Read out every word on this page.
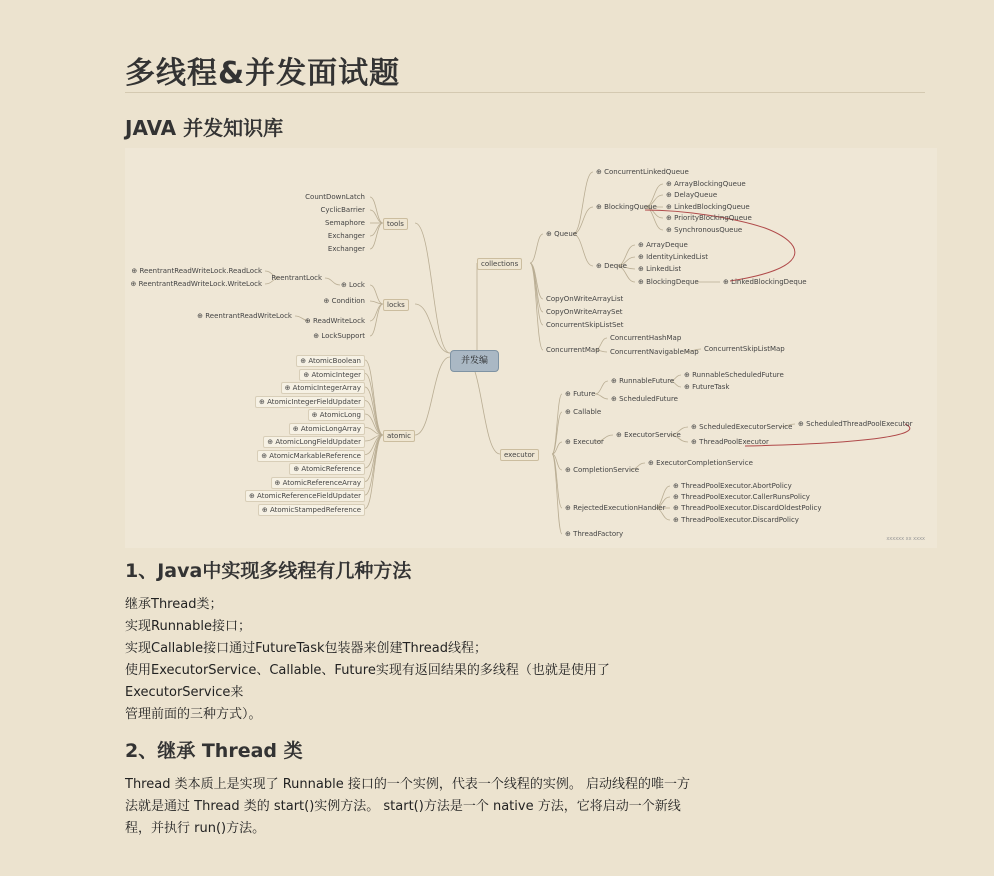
多线程&并发面试题
JAVA 并发知识库
xxxxxx xx xxxx
并发编
tools
CountDownLatch
CyclicBarrier
Semaphore
Exchanger
Exchanger
locks
⊕ Lock
⊕ Condition
⊕ ReadWriteLock
⊕ LockSupport
ReentrantLock
⊕ ReentrantReadWriteLock.ReadLock
⊕ ReentrantReadWriteLock.WriteLock
⊕ ReentrantReadWriteLock
atomic
⊕ AtomicBoolean
⊕ AtomicInteger
⊕ AtomicIntegerArray
⊕ AtomicIntegerFieldUpdater
⊕ AtomicLong
⊕ AtomicLongArray
⊕ AtomicLongFieldUpdater
⊕ AtomicMarkableReference
⊕ AtomicReference
⊕ AtomicReferenceArray
⊕ AtomicReferenceFieldUpdater
⊕ AtomicStampedReference
collections
⊕ Queue
⊕ ConcurrentLinkedQueue
⊕ BlockingQueue
⊕ ArrayBlockingQueue
⊕ DelayQueue
⊕ LinkedBlockingQueue
⊕ PriorityBlockingQueue
⊕ SynchronousQueue
⊕ Deque
⊕ ArrayDeque
⊕ IdentityLinkedList
⊕ LinkedList
⊕ BlockingDeque	⊕ LinkedBlockingDeque
CopyOnWriteArrayList
CopyOnWriteArraySet
ConcurrentSkipListSet
ConcurrentMap
ConcurrentHashMap
ConcurrentNavigableMap ConcurrentSkipListMap
executor
⊕ Future
⊕ Callable
⊕ Executor
⊕ CompletionService
⊕ RejectedExecutionHandler
⊕ ThreadFactory
⊕ RunnableFuture
⊕ ScheduledFuture
⊕ RunnableScheduledFuture
⊕ FutureTask
⊕ ExecutorService
⊕ ScheduledExecutorService
⊕ ThreadPoolExecutor
⊕ ScheduledThreadPoolExecutor
⊕ ExecutorCompletionService
⊕ ThreadPoolExecutor.AbortPolicy
⊕ ThreadPoolExecutor.CallerRunsPolicy
⊕ ThreadPoolExecutor.DiscardOldestPolicy
⊕ ThreadPoolExecutor.DiscardPolicy
1、Java中实现多线程有几种方法
继承Thread类；
实现Runnable接口；
实现Callable接口通过FutureTask包装器来创建Thread线程；
使用ExecutorService、Callable、Future实现有返回结果的多线程（也就是使用了ExecutorService来
管理前面的三种方式）。
2、继承 Thread 类
Thread 类本质上是实现了 Runnable 接口的一个实例，代表一个线程的实例。 启动线程的唯一方
法就是通过 Thread 类的 start()实例方法。 start()方法是一个 native 方法，它将启动一个新线
程，并执行 run()方法。
